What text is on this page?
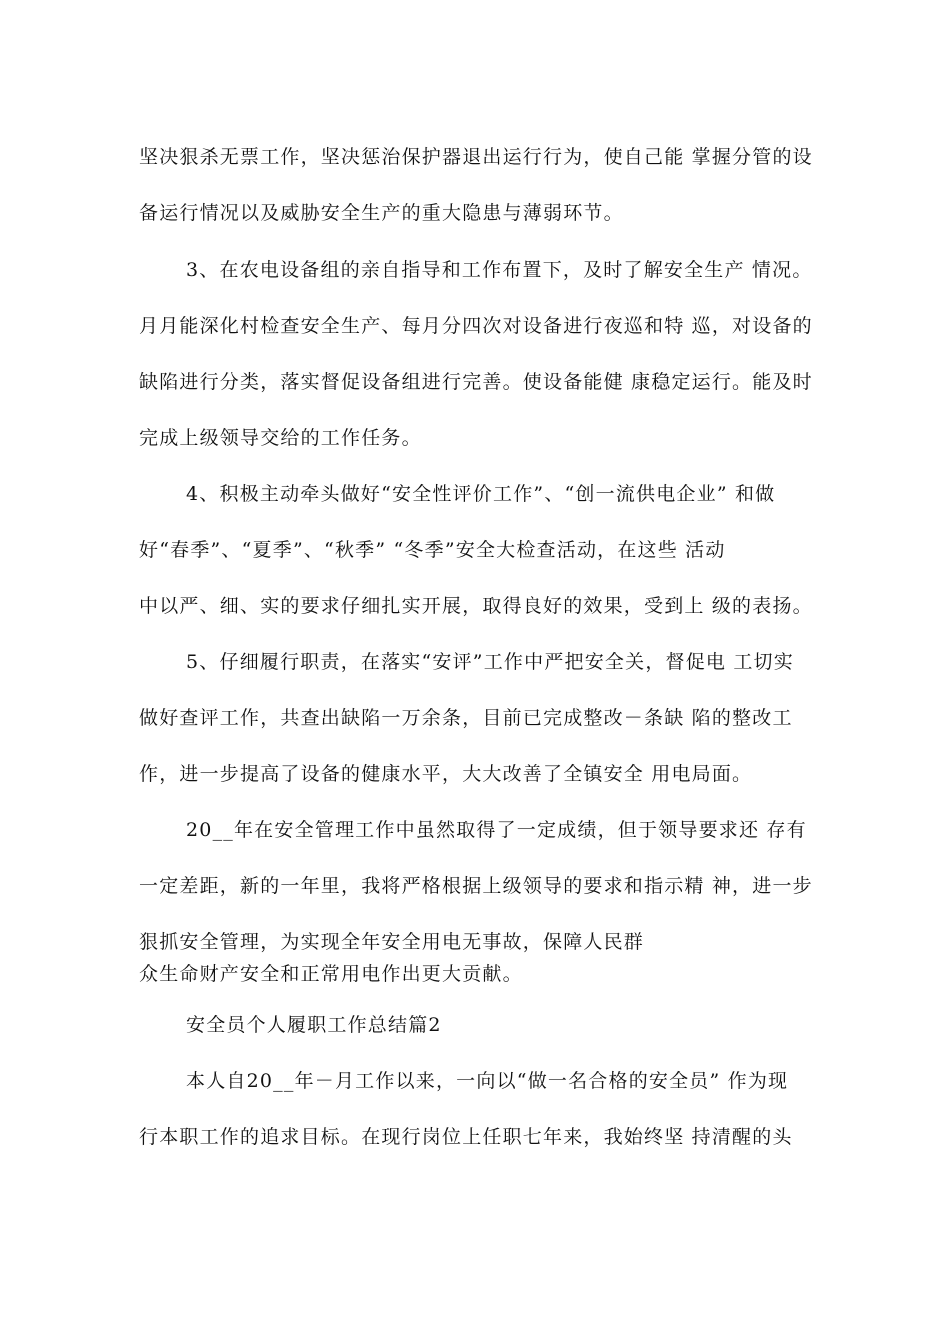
坚决狠杀无票工作，坚决惩治保护器退出运行行为，使自己能 掌握分管的设
备运行情况以及威胁安全生产的重大隐患与薄弱环节。
3、在农电设备组的亲自指导和工作布置下，及时了解安全生产 情况。
月月能深化村检查安全生产、每月分四次对设备进行夜巡和特 巡，对设备的
缺陷进行分类，落实督促设备组进行完善。使设备能健 康稳定运行。能及时
完成上级领导交给的工作任务。
4、积极主动牵头做好“安全性评价工作”、“创一流供电企业” 和做
好“春季”、“夏季”、“秋季” “冬季”安全大检查活动，在这些 活动
中以严、细、实的要求仔细扎实开展，取得良好的效果，受到上 级的表扬。
5、仔细履行职责，在落实“安评”工作中严把安全关，督促电 工切实
做好查评工作，共查出缺陷一万余条，目前已完成整改－条缺 陷的整改工
作，进一步提高了设备的健康水平，大大改善了全镇安全 用电局面。
20__年在安全管理工作中虽然取得了一定成绩，但于领导要求还 存有
一定差距，新的一年里，我将严格根据上级领导的要求和指示精 神，进一步
狠抓安全管理，为实现全年安全用电无事故，保障人民群
众生命财产安全和正常用电作出更大贡献。
安全员个人履职工作总结篇2
本人自20__年－月工作以来，一向以“做一名合格的安全员” 作为现
行本职工作的追求目标。在现行岗位上任职七年来，我始终坚 持清醒的头
